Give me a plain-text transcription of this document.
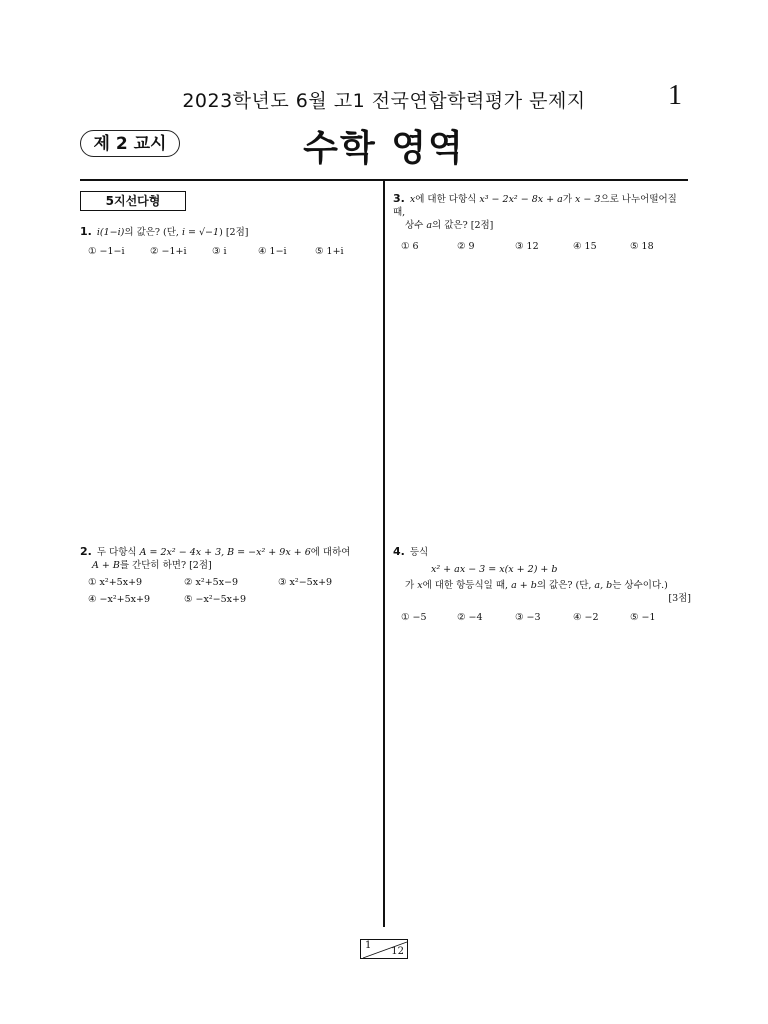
2023학년도 6월 고1 전국연합학력평가 문제지	1
제 2 교시	수학 영역
5지선다형
1. i(1−i)의 값은? (단, i = √−1) [2점]
① −1−i	② −1+i	③ i	④ 1−i	⑤ 1+i
2. 두 다항식 A = 2x² − 4x + 3, B = −x² + 9x + 6에 대하여
A + B를 간단히 하면? [2점]
① x²+5x+9	② x²+5x−9	③ x²−5x+9
④ −x²+5x+9	⑤ −x²−5x+9
3. x에 대한 다항식 x³ − 2x² − 8x + a가 x − 3으로 나누어떨어질 때,
상수 a의 값은? [2점]
① 6	② 9	③ 12	④ 15	⑤ 18
4. 등식
x² + ax − 3 = x(x + 2) + b
가 x에 대한 항등식일 때, a + b의 값은? (단, a, b는 상수이다.)
[3점]
① −5	② −4	③ −3	④ −2	⑤ −1
1
12
